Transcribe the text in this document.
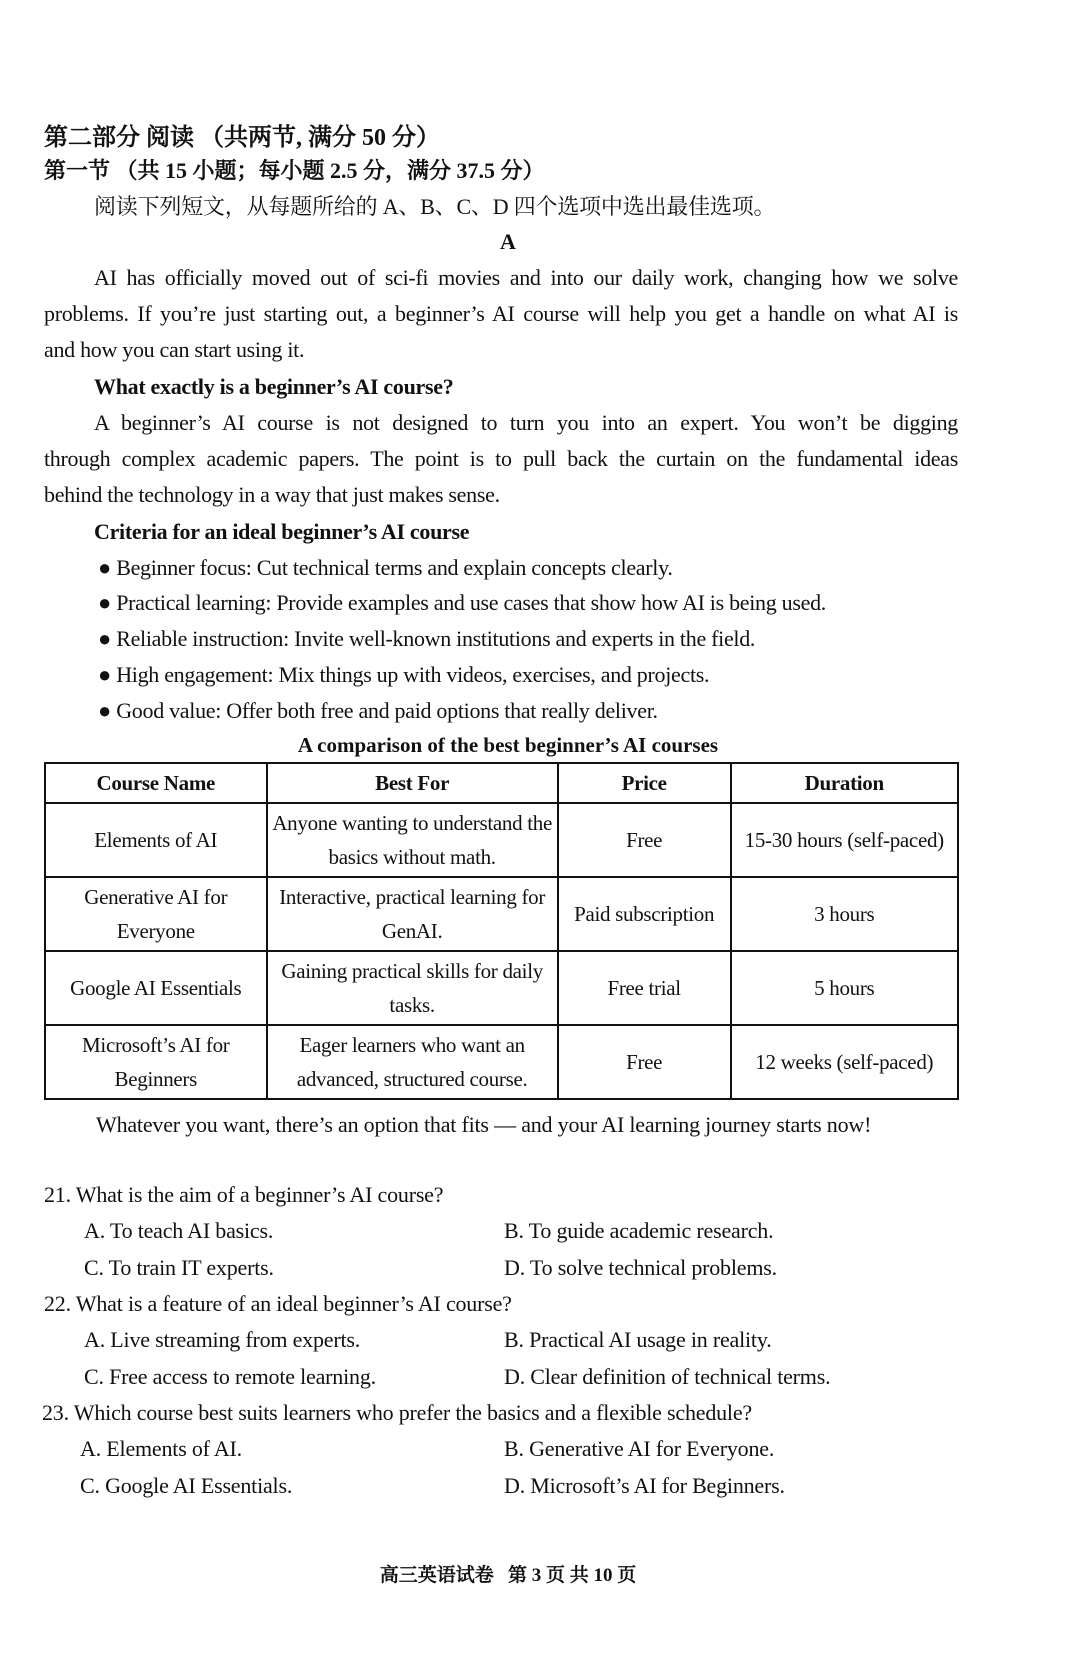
第二部分 阅读 （共两节, 满分 50 分）
第一节 （共 15 小题；每小题 2.5 分，满分 37.5 分）
阅读下列短文，从每题所给的 A、B、C、D 四个选项中选出最佳选项。
A
AI has officially moved out of sci-fi movies and into our daily work, changing how we solve
problems. If you’re just starting out, a beginner’s AI course will help you get a handle on what AI is
and how you can start using it.
What exactly is a beginner’s AI course?
A beginner’s AI course is not designed to turn you into an expert. You won’t be digging
through complex academic papers. The point is to pull back the curtain on the fundamental ideas
behind the technology in a way that just makes sense.
Criteria for an ideal beginner’s AI course
● Beginner focus: Cut technical terms and explain concepts clearly.
● Practical learning: Provide examples and use cases that show how AI is being used.
● Reliable instruction: Invite well-known institutions and experts in the field.
● High engagement: Mix things up with videos, exercises, and projects.
● Good value: Offer both free and paid options that really deliver.
A comparison of the best beginner’s AI courses
Course Name	Best For	Price	Duration
Elements of AI	Anyone wanting to understand the basics without math.	Free	15-30 hours (self-paced)
Generative AI for Everyone	Interactive, practical learning for GenAI.	Paid subscription	3 hours
Google AI Essentials	Gaining practical skills for daily tasks.	Free trial	5 hours
Microsoft’s AI for Beginners	Eager learners who want an advanced, structured course.	Free	12 weeks (self-paced)
Whatever you want, there’s an option that fits — and your AI learning journey starts now!
21. What is the aim of a beginner’s AI course?
A. To teach AI basics.	B. To guide academic research.
C. To train IT experts.	D. To solve technical problems.
22. What is a feature of an ideal beginner’s AI course?
A. Live streaming from experts.	B. Practical AI usage in reality.
C. Free access to remote learning.	D. Clear definition of technical terms.
23. Which course best suits learners who prefer the basics and a flexible schedule?
A. Elements of AI.	B. Generative AI for Everyone.
C. Google AI Essentials.	D. Microsoft’s AI for Beginners.
高三英语试卷   第 3 页 共 10 页
